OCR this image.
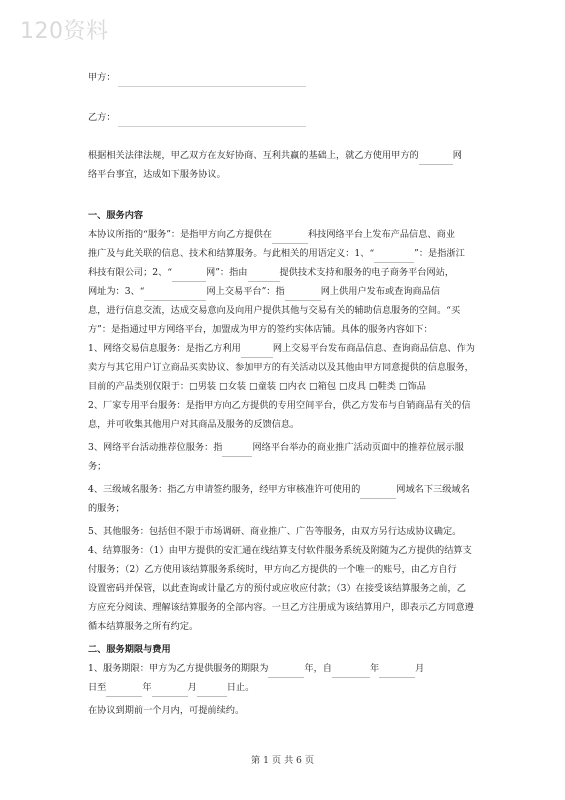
120资料
甲方：
乙方：

根据相关法律法规，甲乙双方在友好协商、互利共赢的基础上，就乙方使用甲方的	网

络平台事宜，达成如下服务协议。

一、服务内容

本协议所指的“服务”：是指甲方向乙方提供在	科技网络平台上发布产品信息、商业

推广及与此关联的信息、技术和结算服务。与此相关的用语定义：1、“	”：是指浙江

科技有限公司；2、“	网”：指由	提供技术支持和服务的电子商务平台网站，

网址为：3、“	网上交易平台”：指	网上供用户发布或查询商品信

息，进行信息交流，达成交易意向及向用户提供其他与交易有关的辅助信息服务的空间。“买

方”：是指通过甲方网络平台，加盟成为甲方的签约实体店铺。具体的服务内容如下：

1、网络交易信息服务：是指乙方利用	网上交易平台发布商品信息、查询商品信息、作为

卖方与其它用户订立商品买卖协议、参加甲方的有关活动以及其他由甲方同意提供的信息服务，

目前的产品类别仅限于：□男装 □女装 □童装 □内衣 □箱包 □皮具 □鞋类 □饰品

2、厂家专用平台服务：是指甲方向乙方提供的专用空间平台，供乙方发布与自销商品有关的信

息，并可收集其他用户对其商品及服务的反馈信息。

3、网络平台活动推荐位服务：指	网络平台举办的商业推广活动页面中的推荐位展示服

务；

4、三级域名服务：指乙方申请签约服务，经甲方审核准许可使用的	网域名下三级域名

的服务；

5、其他服务：包括但不限于市场调研、商业推广、广告等服务，由双方另行达成协议确定。

4、结算服务：（1）由甲方提供的安汇通在线结算支付软件服务系统及附随为乙方提供的结算支

付服务；（2）乙方使用该结算服务系统时，甲方向乙方提供的一个唯一的账号，由乙方自行

设置密码并保管，以此查询或计量乙方的预付或应收应付款；（3）在接受该结算服务之前，乙

方应充分阅读、理解该结算服务的全部内容。一旦乙方注册成为该结算用户，即表示乙方同意遵

循本结算服务之所有约定。

二、服务期限与费用

1、服务期限：甲方为乙方提供服务的期限为	年，自	年	月

日至	年	月	日止。

在协议到期前一个月内，可提前续约。

第 1 页 共 6 页
